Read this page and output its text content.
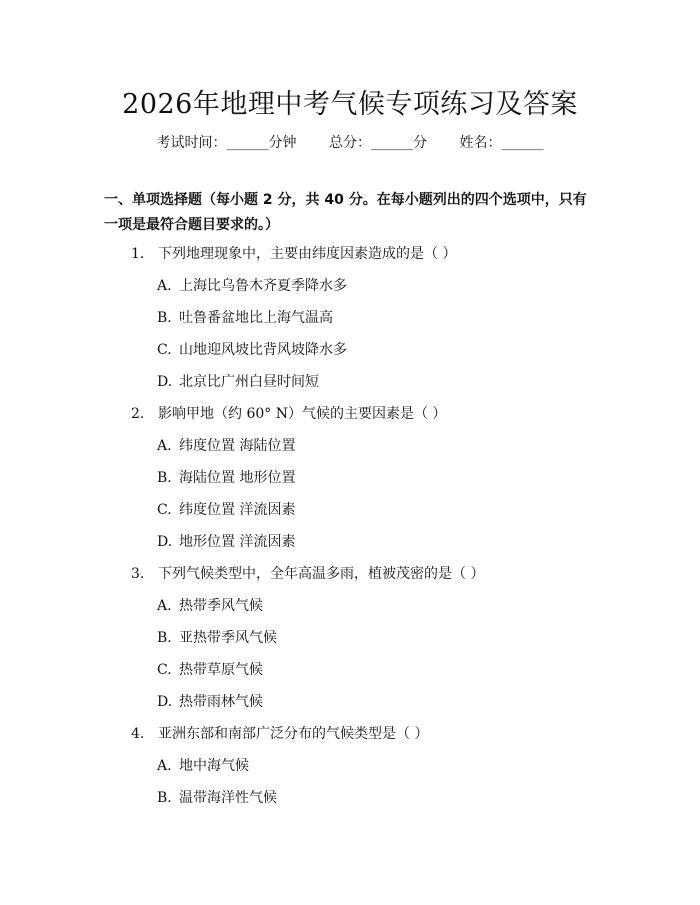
2026年地理中考气候专项练习及答案
考试时间：______分钟 总分：______分 姓名：______
一、单项选择题（每小题 2 分，共 40 分。在每小题列出的四个选项中，只有一项是最符合题目要求的。）
1. 下列地理现象中，主要由纬度因素造成的是（ ）
A. 上海比乌鲁木齐夏季降水多
B. 吐鲁番盆地比上海气温高
C. 山地迎风坡比背风坡降水多
D. 北京比广州白昼时间短
2. 影响甲地（约 60° N）气候的主要因素是（ ）
A. 纬度位置 海陆位置
B. 海陆位置 地形位置
C. 纬度位置 洋流因素
D. 地形位置 洋流因素
3. 下列气候类型中，全年高温多雨，植被茂密的是（ ）
A. 热带季风气候
B. 亚热带季风气候
C. 热带草原气候
D. 热带雨林气候
4. 亚洲东部和南部广泛分布的气候类型是（ ）
A. 地中海气候
B. 温带海洋性气候
